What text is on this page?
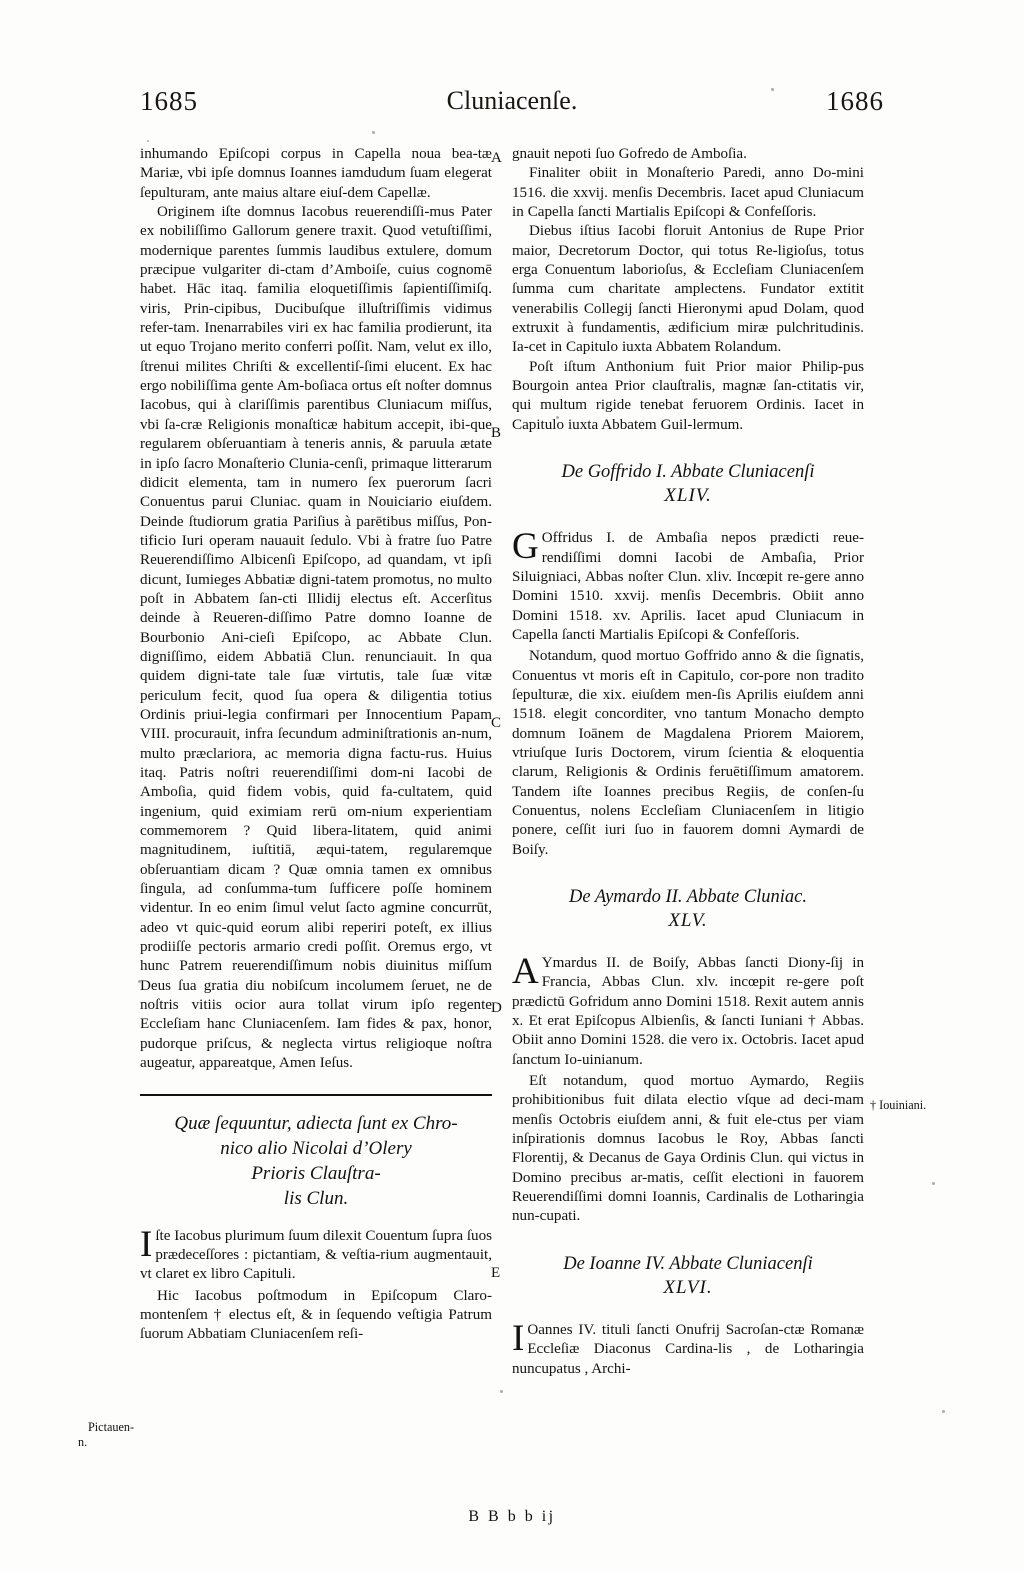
1685	Cluniacenſe.	1686
A
B
C
D
E
Pictauen-
n.
† Iouiniani.
B B b b ij

inhumando Epiſcopi corpus in Capella noua bea-tæ Mariæ, vbi ipſe domnus Ioannes iamdudum ſuam elegerat ſepulturam, ante maius altare eiuſ-dem Capellæ.

Originem iſte domnus Iacobus reuerendiſſi-mus Pater ex nobiliſſimo Gallorum genere traxit. Quod vetuſtiſſimi, modernique parentes ſummis laudibus extulere, domum præcipue vulgariter di-ctam d’Amboiſe, cuius cognomē habet. Hāc itaq. familia eloquetiſſimis ſapientiſſimiſq. viris, Prin-cipibus, Ducibuſque illuſtriſſimis vidimus refer-tam. Inenarrabiles viri ex hac familia prodierunt, ita ut equo Trojano merito conferri poſſit. Nam, velut ex illo, ſtrenui milites Chriſti & excellentiſ-ſimi elucent. Ex hac ergo nobiliſſima gente Am-boſiaca ortus eſt noſter domnus Iacobus, qui à clariſſimis parentibus Cluniacum miſſus, vbi ſa-cræ Religionis monaſticæ habitum accepit, ibi-que regularem obſeruantiam à teneris annis, & paruula ætate in ipſo ſacro Monaſterio Clunia-cenſi, primaque litterarum didicit elementa, tam in numero ſex puerorum ſacri Conuentus parui Cluniac. quam in Nouiciario eiuſdem. Deinde ſtudiorum gratia Pariſius à parētibus miſſus, Pon-tificio Iuri operam nauauit ſedulo. Vbi à fratre ſuo Patre Reuerendiſſimo Albicenſi Epiſcopo, ad quandam, vt ipſi dicunt, Iumieges Abbatiæ digni-tatem promotus, no multo poſt in Abbatem ſan-cti Illidij electus eſt. Accerſitus deinde à Reueren-diſſimo Patre domno Ioanne de Bourbonio Ani-cieſi Epiſcopo, ac Abbate Clun. digniſſimo, eidem Abbatiā Clun. renunciauit. In qua quidem digni-tate tale ſuæ virtutis, tale ſuæ vitæ periculum fecit, quod ſua opera & diligentia totius Ordinis priui-legia confirmari per Innocentium Papam VIII. procurauit, infra ſecundum adminiſtrationis an-num, multo præclariora, ac memoria digna factu-rus. Huius itaq. Patris noſtri reuerendiſſimi dom-ni Iacobi de Amboſia, quid fidem vobis, quid fa-cultatem, quid ingenium, quid eximiam rerū om-nium experientiam commemorem ? Quid libera-litatem, quid animi magnitudinem, iuſtitiā, æqui-tatem, regularemque obſeruantiam dicam ? Quæ omnia tamen ex omnibus ſingula, ad conſumma-tum ſufficere poſſe hominem videntur. In eo enim ſimul velut ſacto agmine concurrūt, adeo vt quic-quid eorum alibi reperiri poteſt, ex illius prodiiſſe pectoris armario credi poſſit. Oremus ergo, vt hunc Patrem reuerendiſſimum nobis diuinitus miſſum Deus ſua gratia diu nobiſcum incolumem ſeruet, ne de noſtris vitiis ocior aura tollat virum ipſo regente Eccleſiam hanc Cluniacenſem. Iam fides & pax, honor, pudorque priſcus, & neglecta virtus religioque noſtra augeatur, appareatque, Amen Ieſus.

Quæ ſequuntur, adiecta ſunt ex Chro-
nico alio Nicolai d’Olery
Prioris Clauſtra-
lis Clun.

Iſte Iacobus plurimum ſuum dilexit Couentum ſupra ſuos prædeceſſores : pictantiam, & veſtia-rium augmentauit, vt claret ex libro Capituli.

Hic Iacobus poſtmodum in Epiſcopum Claro-montenſem † electus eſt, & in ſequendo veſtigia Patrum ſuorum Abbatiam Cluniacenſem reſi-

gnauit nepoti ſuo Gofredo de Amboſia.

Finaliter obiit in Monaſterio Paredi, anno Do-mini 1516. die xxvij. menſis Decembris. Iacet apud Cluniacum in Capella ſancti Martialis Epiſcopi & Confeſſoris.

Diebus iſtius Iacobi floruit Antonius de Rupe Prior maior, Decretorum Doctor, qui totus Re-ligioſus, totus erga Conuentum laborioſus, & Eccleſiam Cluniacenſem ſumma cum charitate amplectens. Fundator extitit venerabilis Collegij ſancti Hieronymi apud Dolam, quod extruxit à fundamentis, ædificium miræ pulchritudinis. Ia-cet in Capitulo iuxta Abbatem Rolandum.

Poſt iſtum Anthonium fuit Prior maior Philip-pus Bourgoin antea Prior clauſtralis, magnæ ſan-ctitatis vir, qui multum rigide tenebat feruorem Ordinis. Iacet in Capitulo iuxta Abbatem Guil-lermum.

De Goffrido I. Abbate Cluniacenſi
XLIV.

G Offridus I. de Ambaſia nepos prædicti reue-rendiſſimi domni Iacobi de Ambaſia, Prior Siluigniaci, Abbas noſter Clun. xliv. Incœpit re-gere anno Domini 1510. xxvij. menſis Decembris. Obiit anno Domini 1518. xv. Aprilis. Iacet apud Cluniacum in Capella ſancti Martialis Epiſcopi & Confeſſoris.

Notandum, quod mortuo Goffrido anno & die ſignatis, Conuentus vt moris eſt in Capitulo, cor-pore non tradito ſepulturæ, die xix. eiuſdem men-ſis Aprilis eiuſdem anni 1518. elegit concorditer, vno tantum Monacho dempto domnum Ioānem de Magdalena Priorem Maiorem, vtriuſque Iuris Doctorem, virum ſcientia & eloquentia clarum, Religionis & Ordinis feruētiſſimum amatorem. Tandem iſte Ioannes precibus Regiis, de conſen-ſu Conuentus, nolens Eccleſiam Cluniacenſem in litigio ponere, ceſſit iuri ſuo in fauorem domni Aymardi de Boiſy.

De Aymardo II. Abbate Cluniac.
XLV.

A Ymardus II. de Boiſy, Abbas ſancti Diony-ſij in Francia, Abbas Clun. xlv. incœpit re-gere poſt prædictū Gofridum anno Domini 1518. Rexit autem annis x. Et erat Epiſcopus Albienſis, & ſancti Iuniani † Abbas. Obiit anno Domini 1528. die vero ix. Octobris. Iacet apud ſanctum Io-uinianum.

Eſt notandum, quod mortuo Aymardo, Regiis prohibitionibus fuit dilata electio vſque ad deci-mam menſis Octobris eiuſdem anni, & fuit ele-ctus per viam inſpirationis domnus Iacobus le Roy, Abbas ſancti Florentij, & Decanus de Gaya Ordinis Clun. qui victus in Domino precibus ar-matis, ceſſit electioni in fauorem Reuerendiſſimi domni Ioannis, Cardinalis de Lotharingia nun-cupati.

De Ioanne IV. Abbate Cluniacenſi
XLVI.

I Oannes IV. tituli ſancti Onufrij Sacroſan-ctæ Romanæ Eccleſiæ Diaconus Cardina-lis , de Lotharingia nuncupatus , Archi-
